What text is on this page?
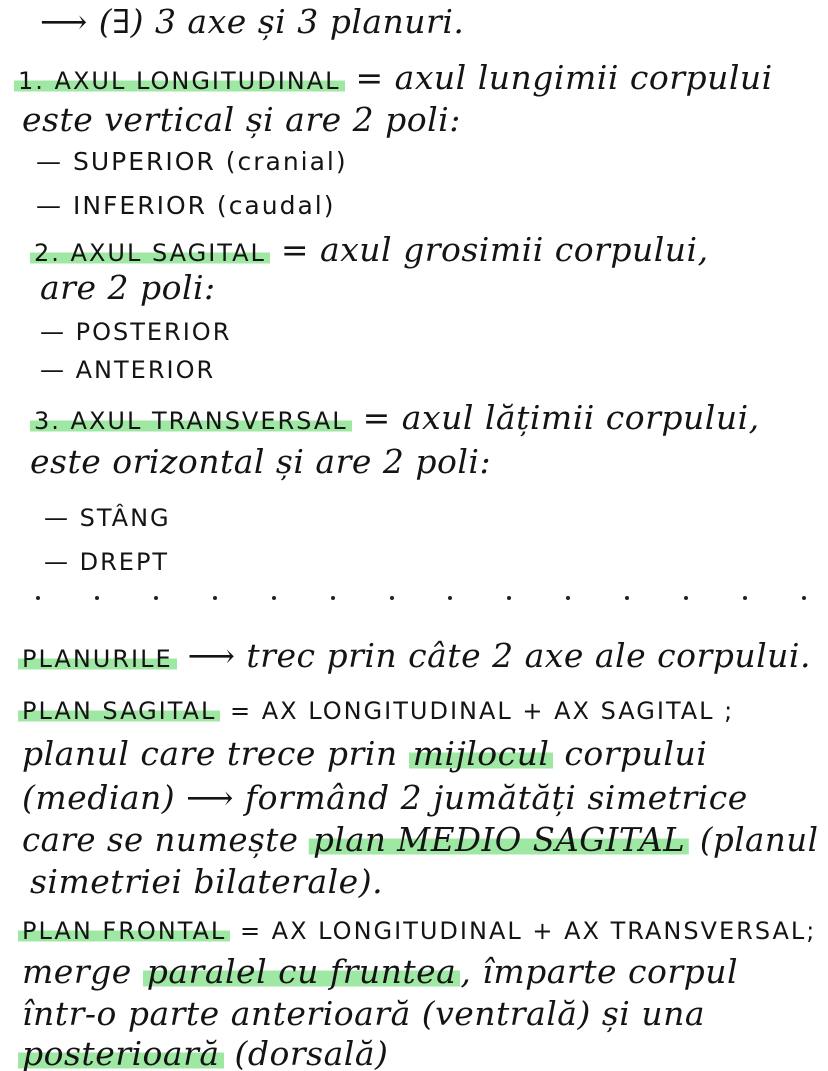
⟶ (∃) 3 axe și 3 planuri.
1. AXUL LONGITUDINAL = axul lungimii corpului
este vertical și are 2 poli:
— SUPERIOR (cranial)
— INFERIOR (caudal)
2. AXUL SAGITAL = axul grosimii corpului,
are 2 poli:
— POSTERIOR
— ANTERIOR
3. AXUL TRANSVERSAL = axul lățimii corpului,
este orizontal și are 2 poli:
— STÂNG
— DREPT
PLANURILE ⟶ trec prin câte 2 axe ale corpului.
PLAN SAGITAL = AX LONGITUDINAL + AX SAGITAL ;
planul care trece prin mijlocul corpului
(median) ⟶ formând 2 jumătăți simetrice
care se numește plan MEDIO SAGITAL (planul
simetriei bilaterale).
PLAN FRONTAL = AX LONGITUDINAL + AX TRANSVERSAL;
merge paralel cu fruntea , împarte corpul
într-o parte anterioară (ventrală) și una
posterioară (dorsală)
